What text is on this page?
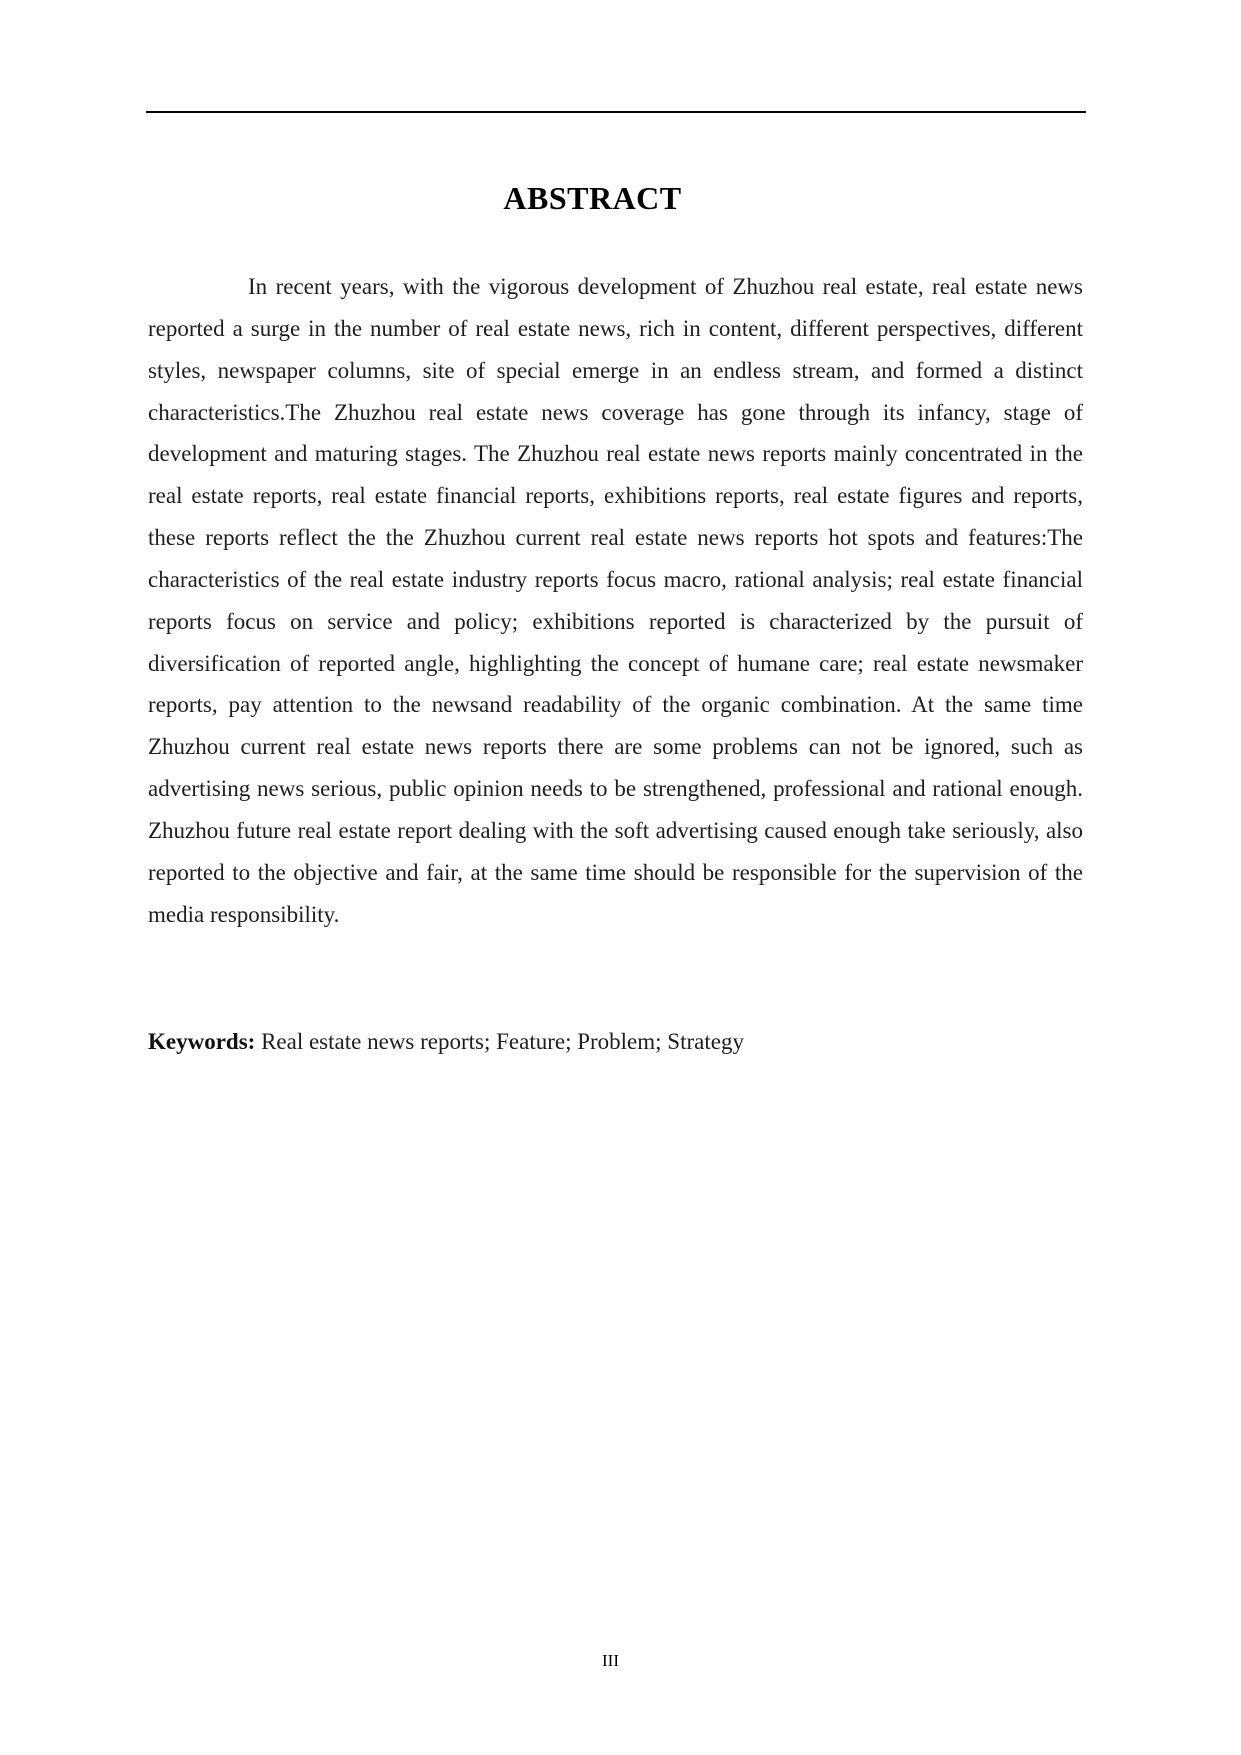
ABSTRACT

In recent years, with the vigorous development of Zhuzhou real estate, real estate news reported a surge in the number of real estate news, rich in content, different perspectives, different styles, newspaper columns, site of special emerge in an endless stream, and formed a distinct characteristics.The Zhuzhou real estate news coverage has gone through its infancy, stage of development and maturing stages. The Zhuzhou real estate news reports mainly concentrated in the real estate reports, real estate financial reports, exhibitions reports, real estate figures and reports, these reports reflect the the Zhuzhou current real estate news reports hot spots and features:The characteristics of the real estate industry reports focus macro, rational analysis; real estate financial reports focus on service and policy; exhibitions reported is characterized by the pursuit of diversification of reported angle, highlighting the concept of humane care; real estate newsmaker reports, pay attention to the newsand readability of the organic combination. At the same time Zhuzhou current real estate news reports there are some problems can not be ignored, such as advertising news serious, public opinion needs to be strengthened, professional and rational enough. Zhuzhou future real estate report dealing with the soft advertising caused enough take seriously, also reported to the objective and fair, at the same time should be responsible for the supervision of the media responsibility.

Keywords: Real estate news reports; Feature; Problem; Strategy

III
